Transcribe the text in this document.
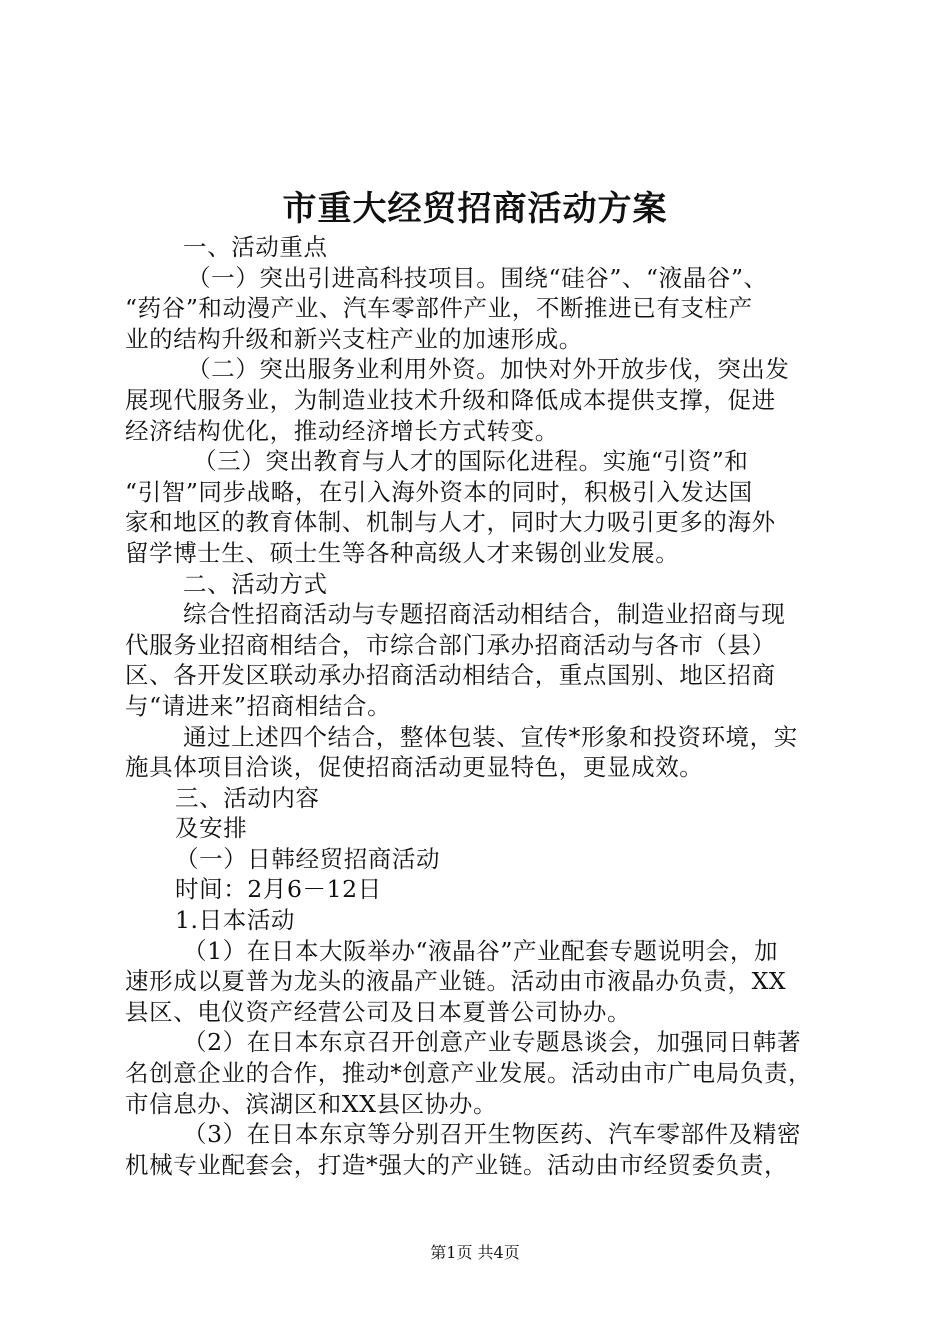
市重大经贸招商活动方案
一、活动重点
（一）突出引进高科技项目。围绕“硅谷”、“液晶谷”、
“药谷”和动漫产业、汽车零部件产业，不断推进已有支柱产
业的结构升级和新兴支柱产业的加速形成。
（二）突出服务业利用外资。加快对外开放步伐，突出发
展现代服务业，为制造业技术升级和降低成本提供支撑，促进
经济结构优化，推动经济增长方式转变。
（三）突出教育与人才的国际化进程。实施“引资”和
“引智”同步战略，在引入海外资本的同时，积极引入发达国
家和地区的教育体制、机制与人才，同时大力吸引更多的海外
留学博士生、硕士生等各种高级人才来锡创业发展。
二、活动方式
综合性招商活动与专题招商活动相结合，制造业招商与现
代服务业招商相结合，市综合部门承办招商活动与各市（县）
区、各开发区联动承办招商活动相结合，重点国别、地区招商
与“请进来”招商相结合。
通过上述四个结合，整体包装、宣传*形象和投资环境，实
施具体项目洽谈，促使招商活动更显特色，更显成效。
三、活动内容
及安排
（一）日韩经贸招商活动
时间：2月6－12日
1.日本活动
（1）在日本大阪举办“液晶谷”产业配套专题说明会，加
速形成以夏普为龙头的液晶产业链。活动由市液晶办负责，XX
县区、电仪资产经营公司及日本夏普公司协办。
（2）在日本东京召开创意产业专题恳谈会，加强同日韩著
名创意企业的合作，推动*创意产业发展。活动由市广电局负责，
市信息办、滨湖区和XX县区协办。
（3）在日本东京等分别召开生物医药、汽车零部件及精密
机械专业配套会，打造*强大的产业链。活动由市经贸委负责，
第1页 共4页
